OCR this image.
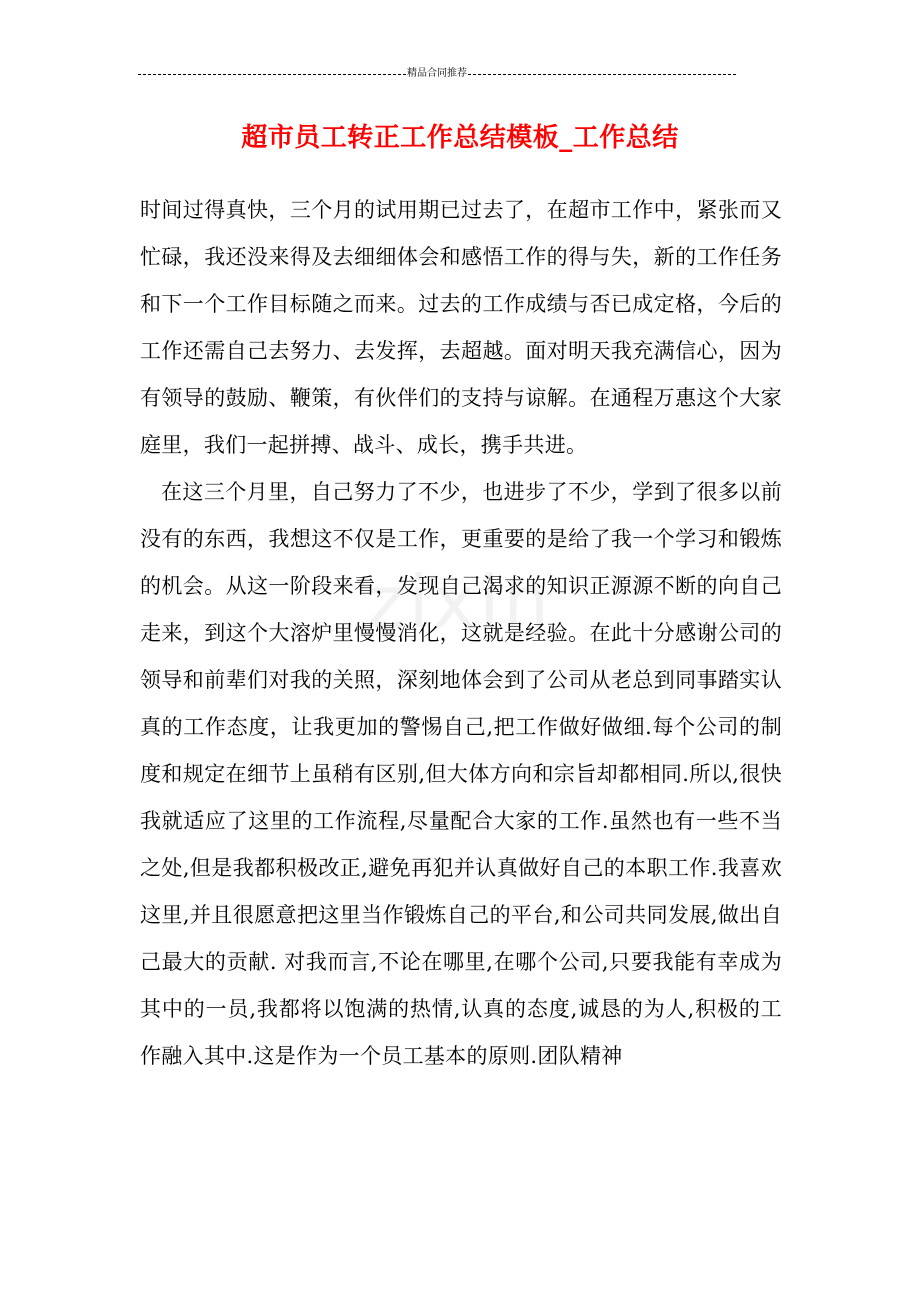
精品合同推荐
zixin
超市员工转正工作总结模板_工作总结

时间过得真快，三个月的试用期已过去了，在超市工作中，紧张而又忙碌，我还没来得及去细细体会和感悟工作的得与失，新的工作任务和下一个工作目标随之而来。过去的工作成绩与否已成定格，今后的工作还需自己去努力、去发挥，去超越。面对明天我充满信心，因为有领导的鼓励、鞭策，有伙伴们的支持与谅解。在通程万惠这个大家庭里，我们一起拼搏、战斗、成长，携手共进。

在这三个月里，自己努力了不少，也进步了不少，学到了很多以前没有的东西，我想这不仅是工作，更重要的是给了我一个学习和锻炼的机会。从这一阶段来看，发现自己渴求的知识正源源不断的向自己走来，到这个大溶炉里慢慢消化，这就是经验。在此十分感谢公司的领导和前辈们对我的关照，深刻地体会到了公司从老总到同事踏实认真的工作态度，让我更加的警惕自己,把工作做好做细.每个公司的制度和规定在细节上虽稍有区别,但大体方向和宗旨却都相同.所以,很快我就适应了这里的工作流程,尽量配合大家的工作.虽然也有一些不当之处,但是我都积极改正,避免再犯并认真做好自己的本职工作.我喜欢这里,并且很愿意把这里当作锻炼自己的平台,和公司共同发展,做出自己最大的贡献. 对我而言,不论在哪里,在哪个公司,只要我能有幸成为其中的一员,我都将以饱满的热情,认真的态度,诚恳的为人,积极的工作融入其中.这是作为一个员工基本的原则.团队精神
